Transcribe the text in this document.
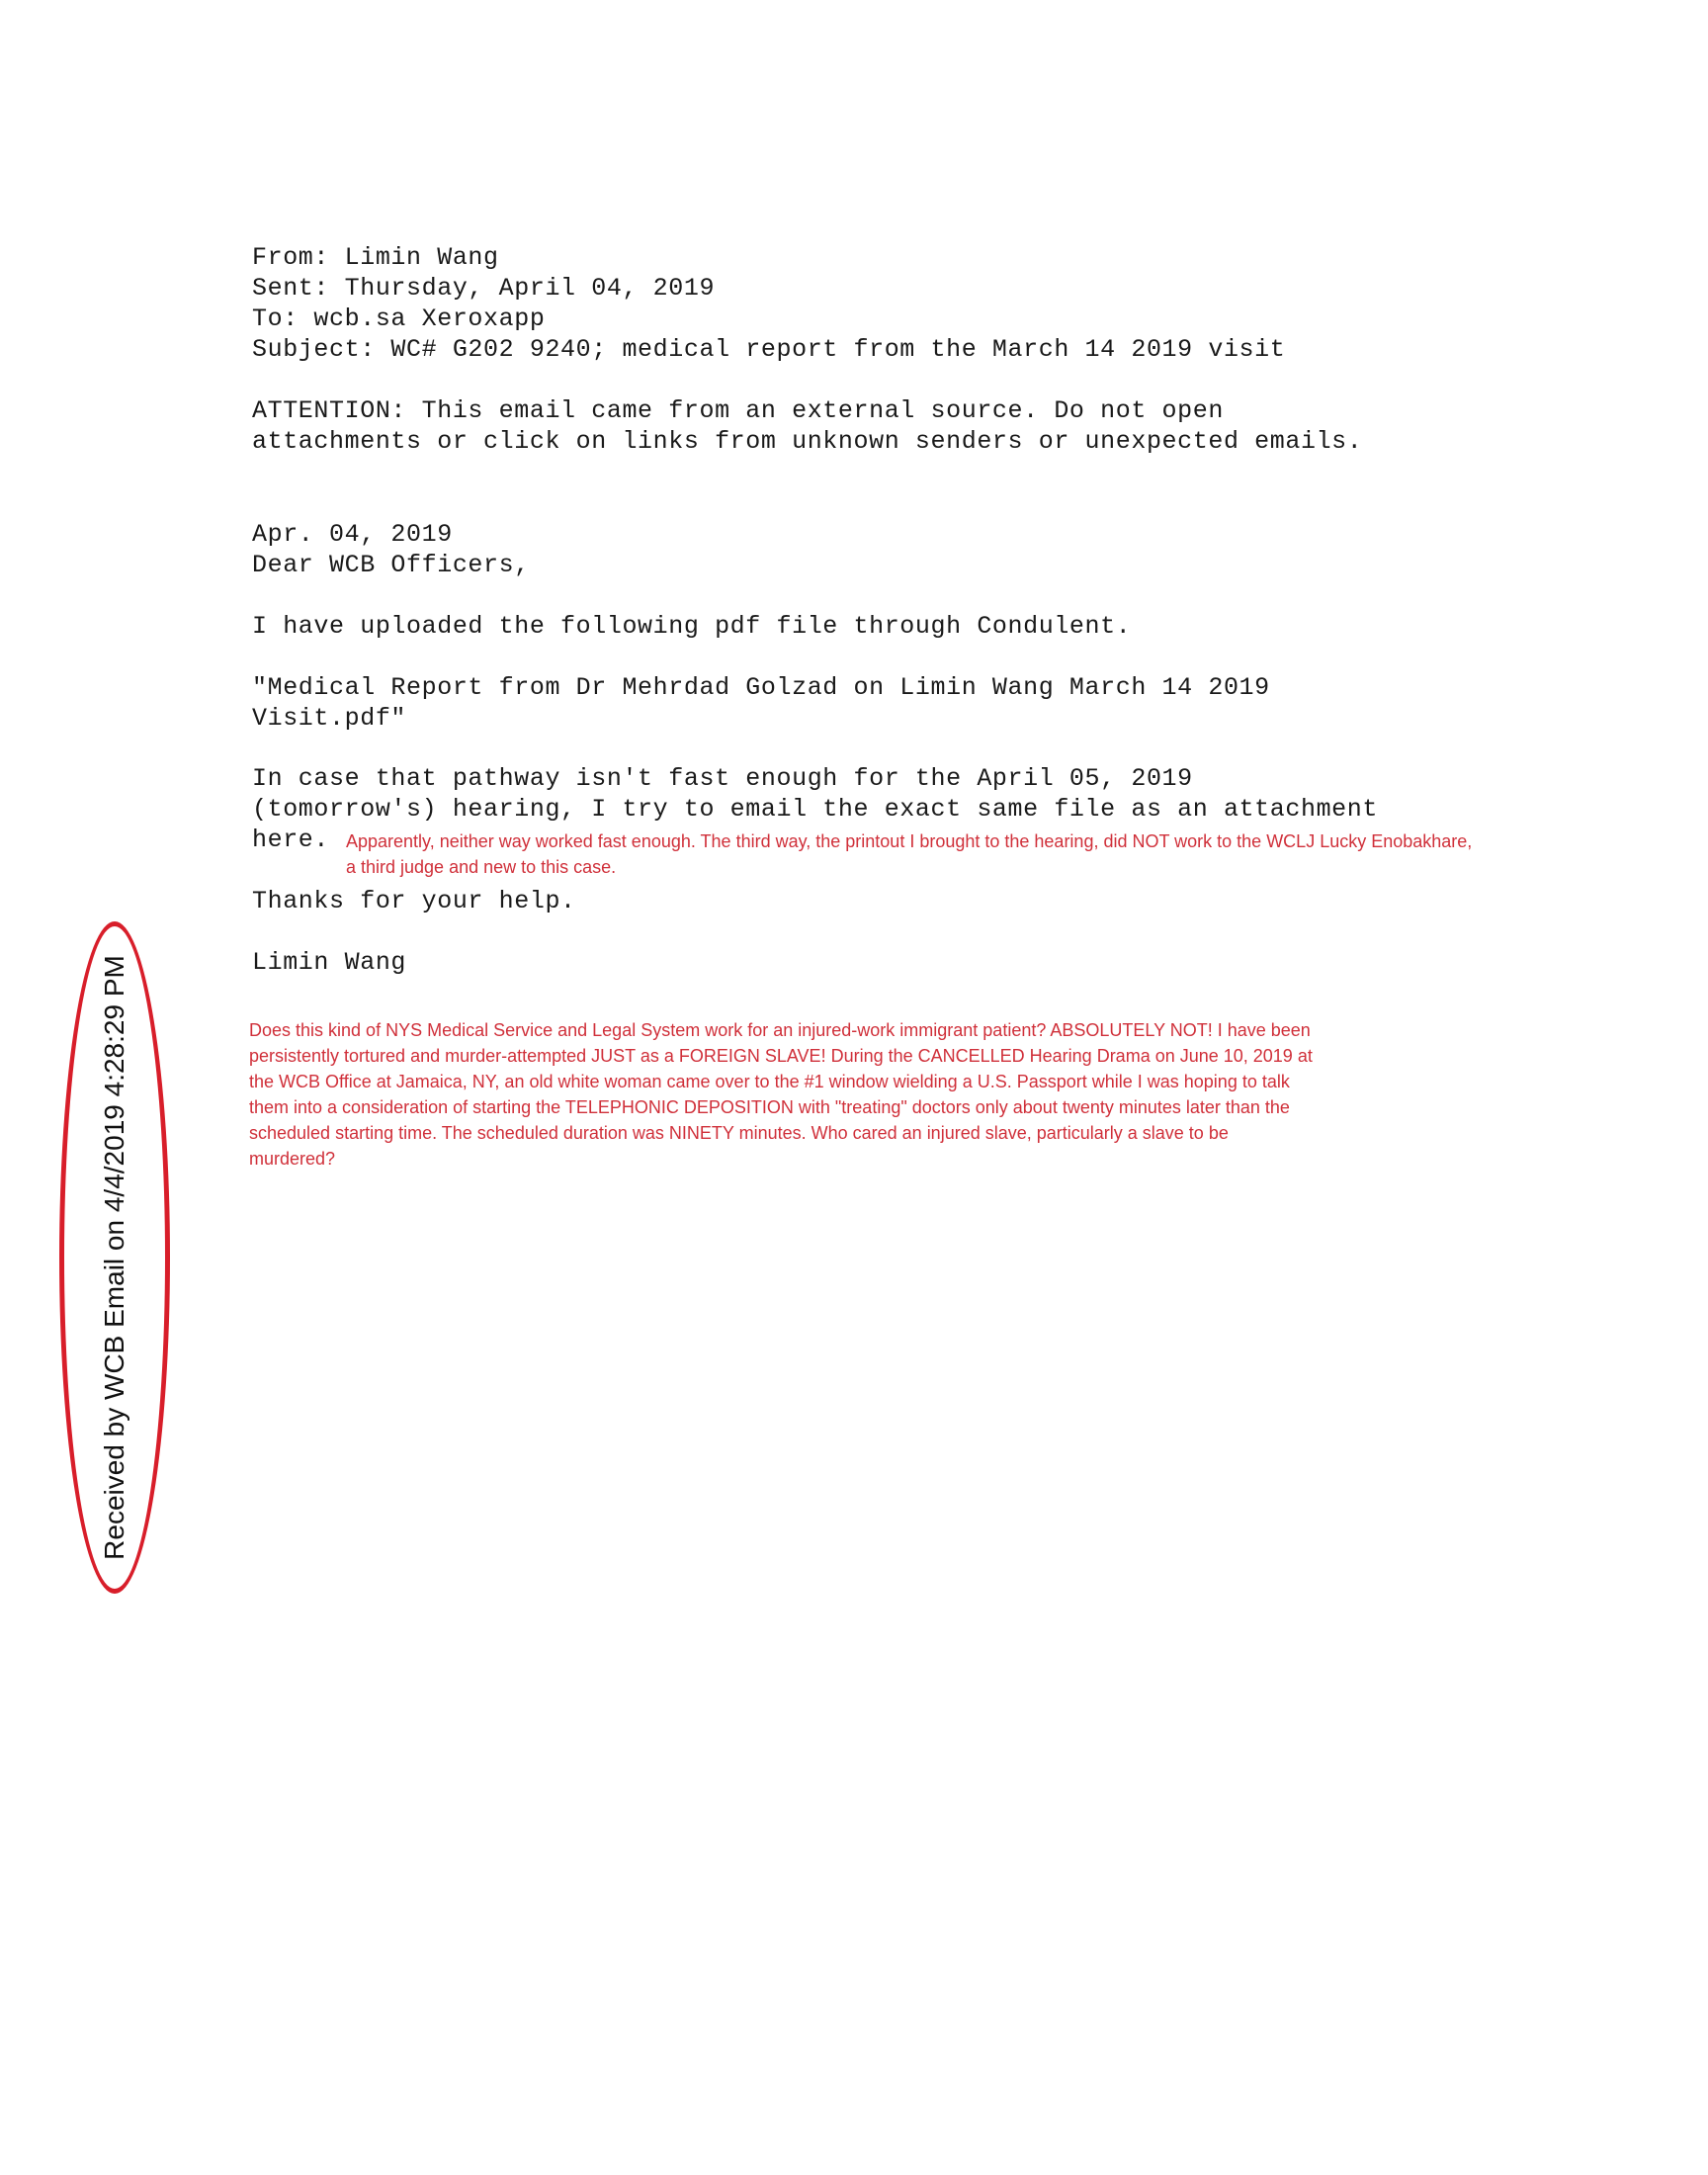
From: Limin Wang
Sent: Thursday, April 04, 2019
To: wcb.sa Xeroxapp
Subject: WC# G202 9240; medical report from the March 14 2019 visit
ATTENTION: This email came from an external source. Do not open
attachments or click on links from unknown senders or unexpected emails.
Apr. 04, 2019
Dear WCB Officers,
I have uploaded the following pdf file through Condulent.
"Medical Report from Dr Mehrdad Golzad on Limin Wang March 14 2019 Visit.pdf"
In case that pathway isn't fast enough for the April 05, 2019
(tomorrow's) hearing, I try to email the exact same file as an attachment
here. Apparently, neither way worked fast enough. The third way, the printout I brought to the hearing, did NOT work to the WCLJ Lucky Enobakhare, a third judge and new to this case.
Thanks for your help.
Limin Wang
Does this kind of NYS Medical Service and Legal System work for an injured-work immigrant patient? ABSOLUTELY NOT! I have been persistently tortured and murder-attempted JUST as a FOREIGN SLAVE! During the CANCELLED Hearing Drama on June 10, 2019 at the WCB Office at Jamaica, NY, an old white woman came over to the #1 window wielding a U.S. Passport while I was hoping to talk them into a consideration of starting the TELEPHONIC DEPOSITION with "treating" doctors only about twenty minutes later than the scheduled starting time. The scheduled duration was NINETY minutes. Who cared an injured slave, particularly a slave to be murdered?
Received by WCB Email on 4/4/2019 4:28:29 PM
